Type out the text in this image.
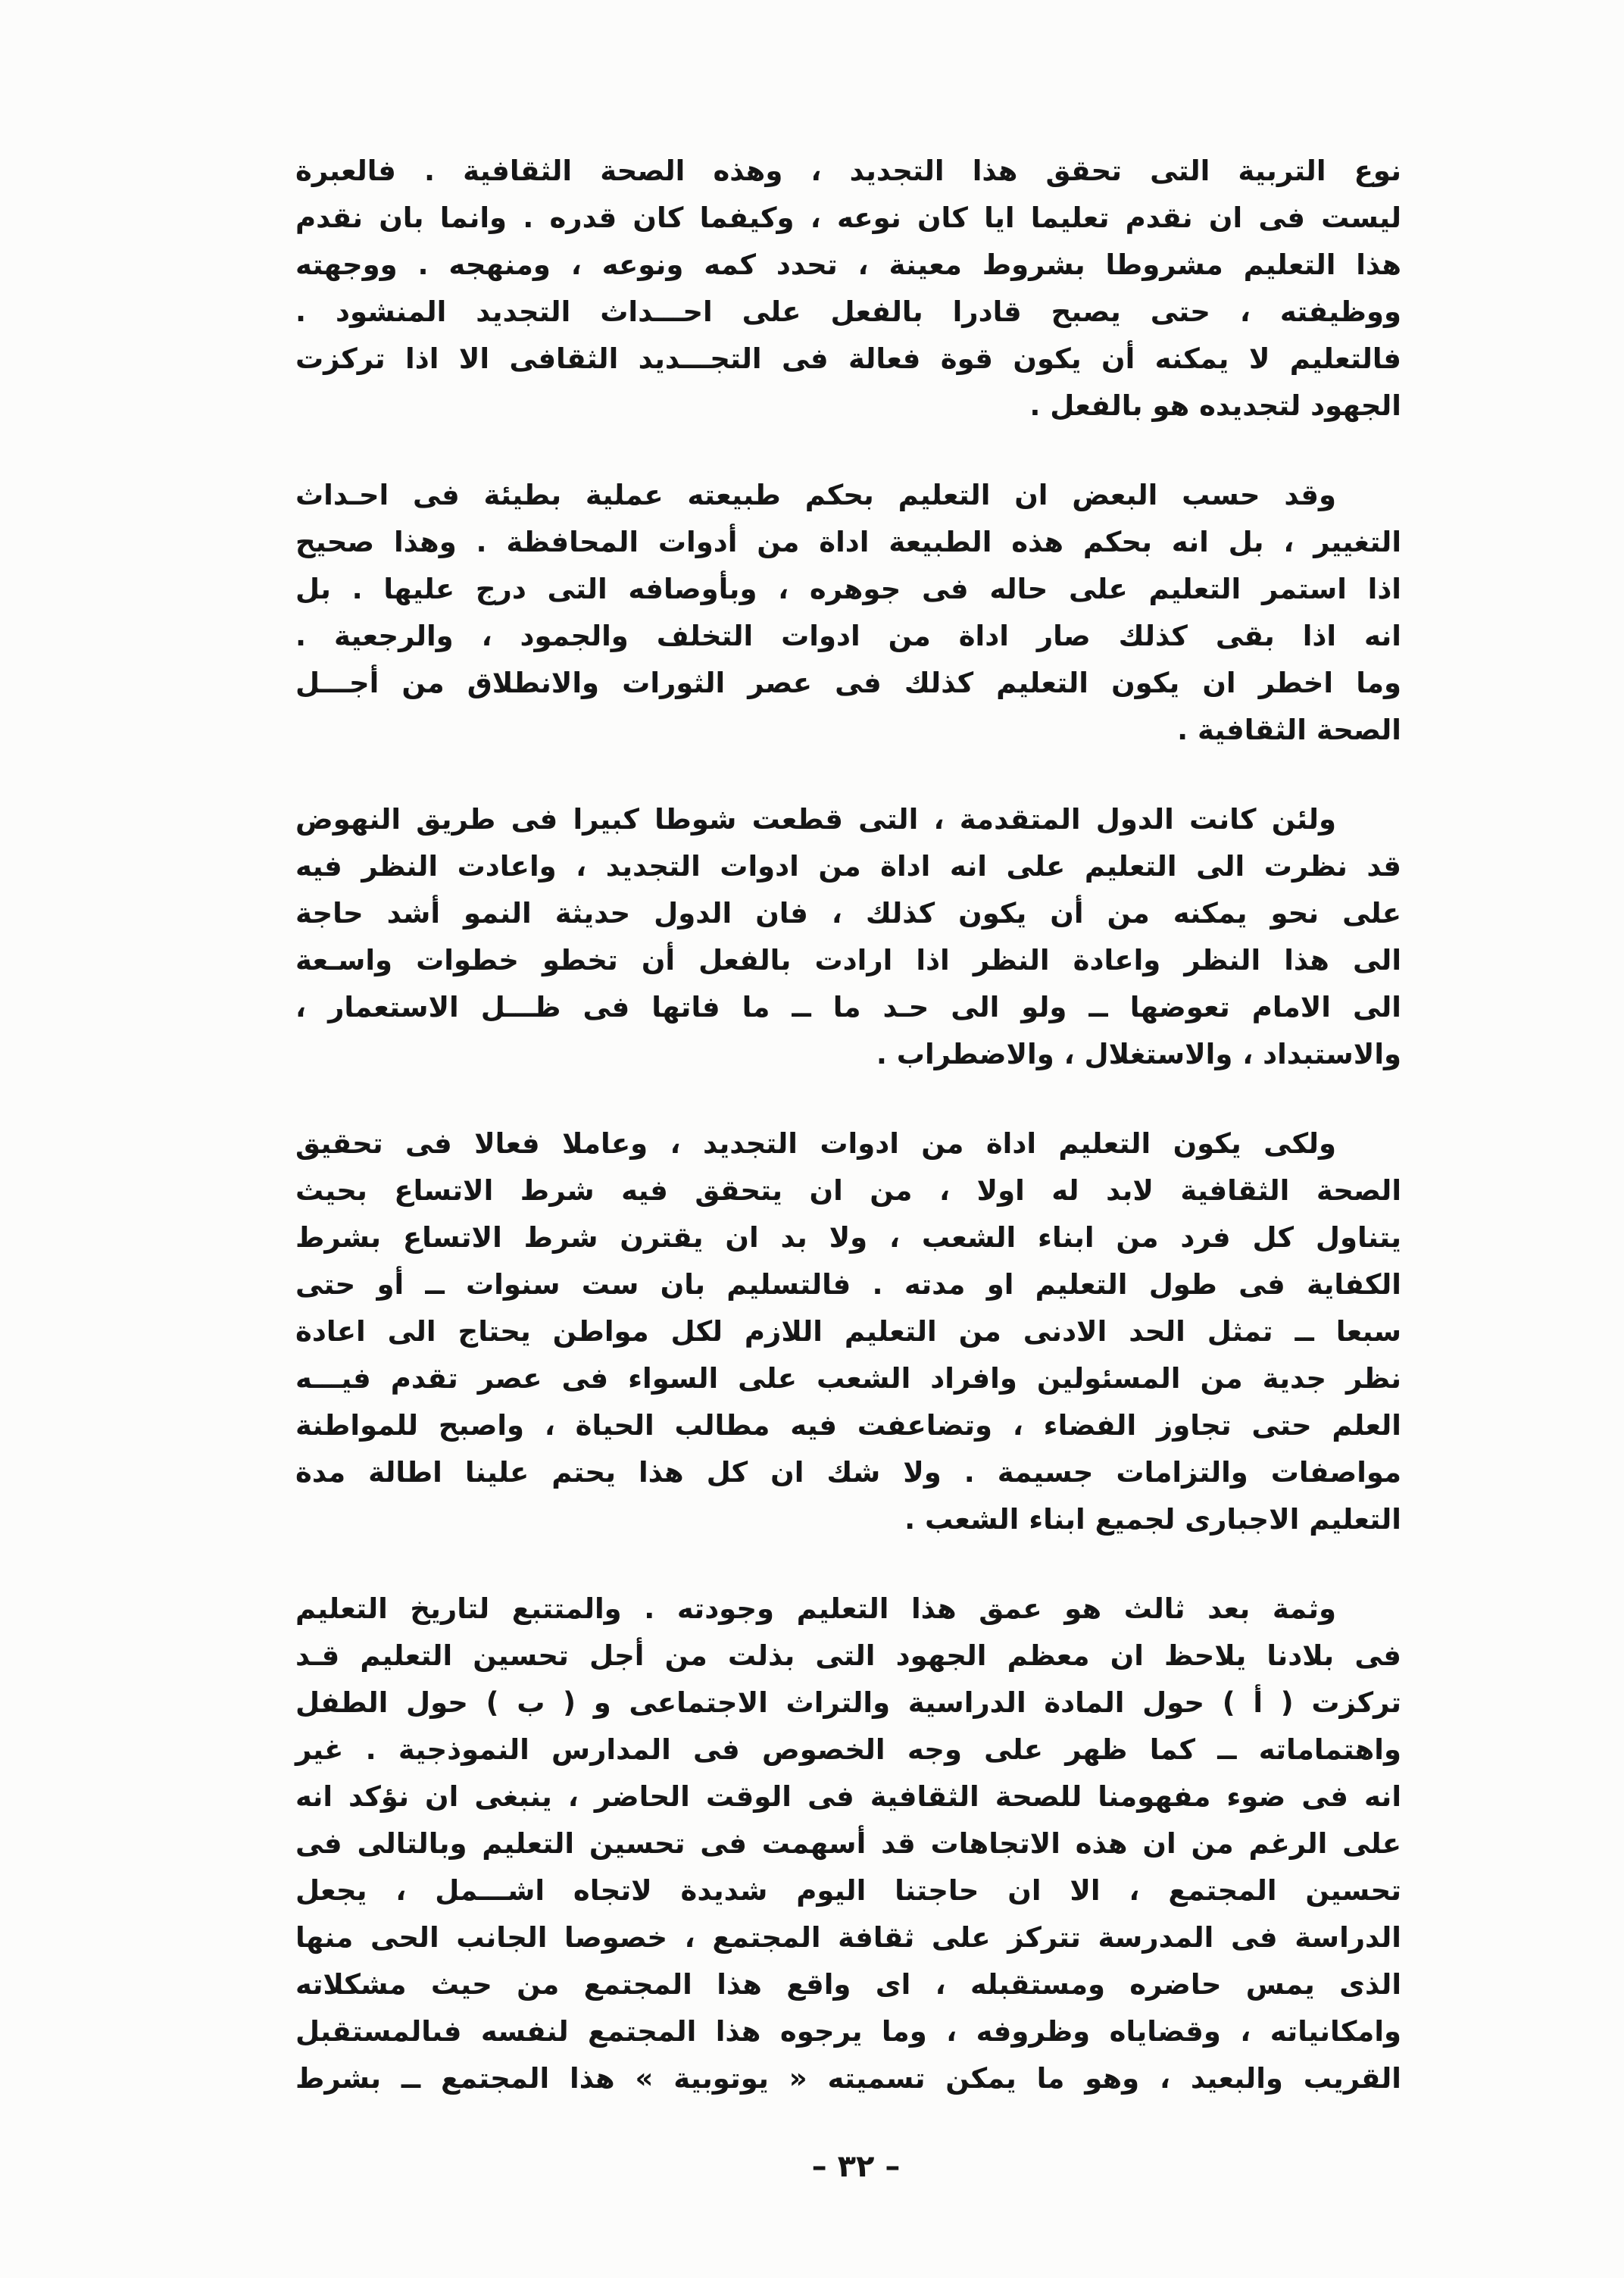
نوع التربية التى تحقق هذا التجديد ، وهذه الصحة الثقافية . فالعبرة
ليست فى ان نقدم تعليما ايا كان نوعه ، وكيفما كان قدره . وانما بان نقدم
هذا التعليم مشروطا بشروط معينة ، تحدد كمه ونوعه ، ومنهجه . ووجهته
ووظيفته ، حتى يصبح قادرا بالفعل على احـــداث التجديد المنشود .
فالتعليم لا يمكنه أن يكون قوة فعالة فى التجـــديد الثقافى الا اذا تركزت
الجهود لتجديده هو بالفعل .
وقد حسب البعض ان التعليم بحكم طبيعته عملية بطيئة فى احـداث
التغيير ، بل انه بحكم هذه الطبيعة اداة من أدوات المحافظة . وهذا صحيح
اذا استمر التعليم على حاله فى جوهره ، وبأوصافه التى درج عليها . بل
انه اذا بقى كذلك صار اداة من ادوات التخلف والجمود ، والرجعية .
وما اخطر ان يكون التعليم كذلك فى عصر الثورات والانطلاق من أجـــل
الصحة الثقافية .
ولئن كانت الدول المتقدمة ، التى قطعت شوطا كبيرا فى طريق النهوض
قد نظرت الى التعليم على انه اداة من ادوات التجديد ، واعادت النظر فيه
على نحو يمكنه من أن يكون كذلك ، فان الدول حديثة النمو أشد حاجة
الى هذا النظر واعادة النظر اذا ارادت بالفعل أن تخطو خطوات واسـعة
الى الامام تعوضها ــ ولو الى حـد ما ــ ما فاتها فى ظـــل الاستعمار ،
والاستبداد ، والاستغلال ، والاضطراب .
ولكى يكون التعليم اداة من ادوات التجديد ، وعاملا فعالا فى تحقيق
الصحة الثقافية لابد له اولا ، من ان يتحقق فيه شرط الاتساع بحيث
يتناول كل فرد من ابناء الشعب ، ولا بد ان يقترن شرط الاتساع بشرط
الكفاية فى طول التعليم او مدته . فالتسليم بان ست سنوات ــ أو حتى
سبعا ــ تمثل الحد الادنى من التعليم اللازم لكل مواطن يحتاج الى اعادة
نظر جدية من المسئولين وافراد الشعب على السواء فى عصر تقدم فيـــه
العلم حتى تجاوز الفضاء ، وتضاعفت فيه مطالب الحياة ، واصبح للمواطنة
مواصفات والتزامات جسيمة . ولا شك ان كل هذا يحتم علينا اطالة مدة
التعليم الاجبارى لجميع ابناء الشعب .
وثمة بعد ثالث هو عمق هذا التعليم وجودته . والمتتبع لتاريخ التعليم
فى بلادنا يلاحظ ان معظم الجهود التى بذلت من أجل تحسين التعليم قـد
تركزت ( أ ) حول المادة الدراسية والتراث الاجتماعى و ( ب ) حول الطفل
واهتماماته ــ كما ظهر على وجه الخصوص فى المدارس النموذجية . غير
انه فى ضوء مفهومنا للصحة الثقافية فى الوقت الحاضر ، ينبغى ان نؤكد انه
على الرغم من ان هذه الاتجاهات قد أسهمت فى تحسين التعليم وبالتالى فى
تحسين المجتمع ، الا ان حاجتنا اليوم شديدة لاتجاه اشـــمل ، يجعل
الدراسة فى المدرسة تتركز على ثقافة المجتمع ، خصوصا الجانب الحى منها
الذى يمس حاضره ومستقبله ، اى واقع هذا المجتمع من حيث مشكلاته
وامكانياته ، وقضاياه وظروفه ، وما يرجوه هذا المجتمع لنفسه فىالمستقبل
القريب والبعيد ، وهو ما يمكن تسميته « يوتوبية » هذا المجتمع ــ بشرط
– ٣٢ –
